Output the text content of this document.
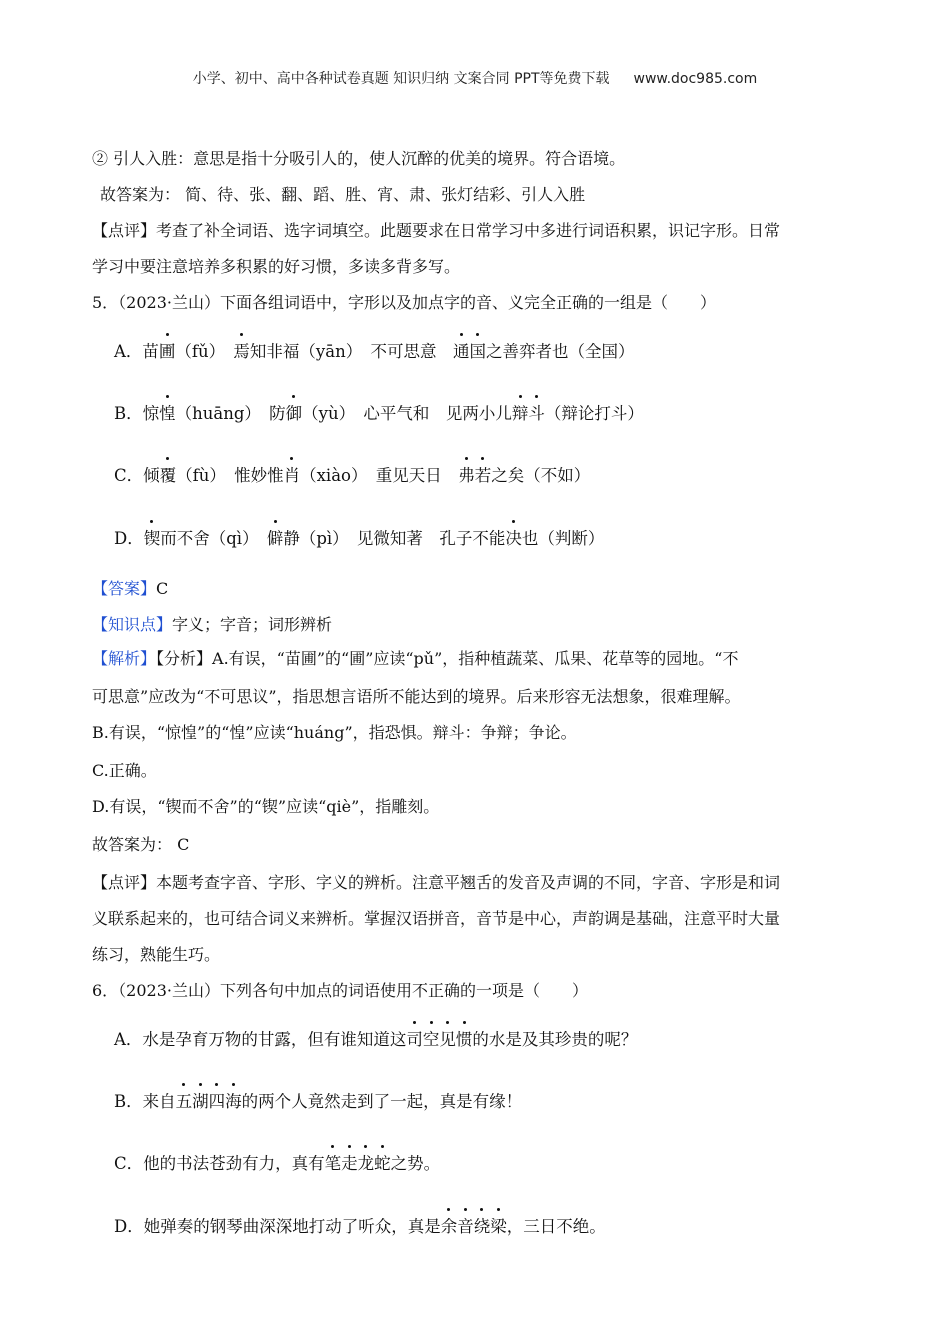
小学、初中、高中各种试卷真题 知识归纳 文案合同 PPT等免费下载 www.doc985.com
② 引人入胜：意思是指十分吸引人的，使人沉醉的优美的境界。符合语境。
故答案为： 简、待、张、翻、蹈、胜、宵、肃、张灯结彩、引人入胜
【点评】考查了补全词语、选字词填空。此题要求在日常学习中多进行词语积累，识记字形。日常
学习中要注意培养多积累的好习惯，多读多背多写。
5．（2023·兰山）下面各组词语中，字形以及加点字的音、义完全正确的一组是（　　）
A．苗圃（fǔ）　焉知非福（yān）　不可思意　通国之善弈者也（全国）
B．惊惶（huāng）　防御（yù）　心平气和　见两小儿辩斗（辩论打斗）
C．倾覆（fù）　惟妙惟肖（xiào）　重见天日　弗若之矣（不如）
D．锲而不舍（qì）　僻静（pì）　见微知著　孔子不能决也（判断）
【答案】C
【知识点】字义；字音；词形辨析
【解析】【分析】A.有误，“苗圃”的“圃”应读“pǔ”，指种植蔬菜、瓜果、花草等的园地。“不
可思意”应改为“不可思议”，指思想言语所不能达到的境界。后来形容无法想象，很难理解。
B.有误，“惊惶”的“惶”应读“huáng”，指恐惧。辩斗：争辩；争论。
C.正确。
D.有误，“锲而不舍”的“锲”应读“qiè”，指雕刻。
故答案为： C
【点评】本题考查字音、字形、字义的辨析。注意平翘舌的发音及声调的不同，字音、字形是和词
义联系起来的，也可结合词义来辨析。掌握汉语拼音，音节是中心，声韵调是基础，注意平时大量
练习，熟能生巧。
6．（2023·兰山）下列各句中加点的词语使用不正确的一项是（　　）
A．水是孕育万物的甘露，但有谁知道这司空见惯的水是及其珍贵的呢？
B．来自五湖四海的两个人竟然走到了一起，真是有缘！
C．他的书法苍劲有力，真有笔走龙蛇之势。
D．她弹奏的钢琴曲深深地打动了听众，真是余音绕梁，三日不绝。
